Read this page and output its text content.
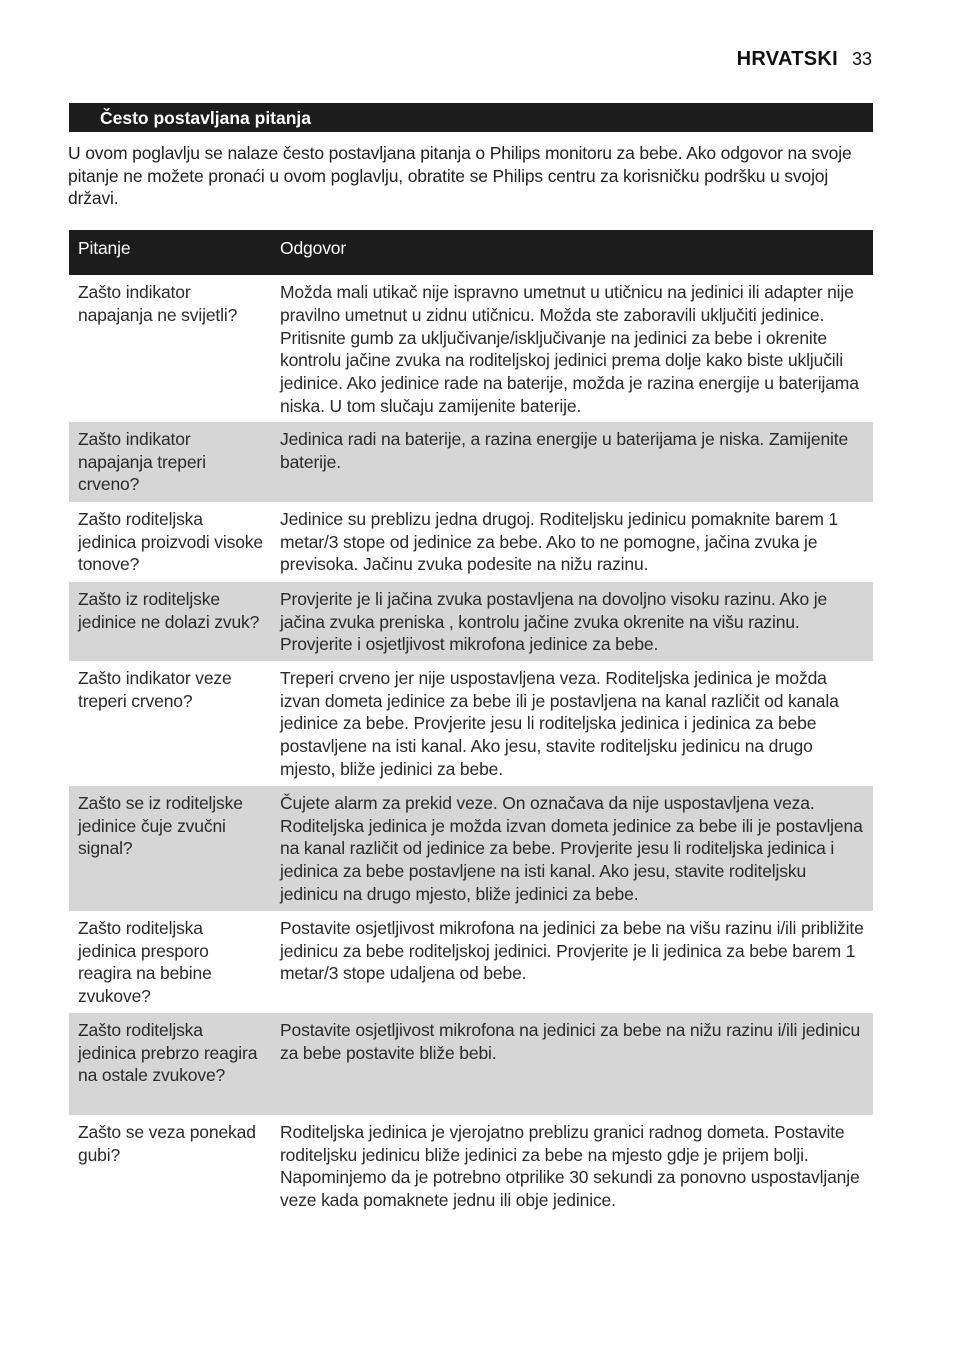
HRVATSKI 33
Često postavljana pitanja

U ovom poglavlju se nalaze često postavljana pitanja o Philips monitoru za bebe. Ako odgovor na svoje pitanje ne možete pronaći u ovom poglavlju, obratite se Philips centru za korisničku podršku u svojoj državi.

Pitanje	Odgovor
Zašto indikator napajanja ne svijetli?	Možda mali utikač nije ispravno umetnut u utičnicu na jedinici ili adapter nije pravilno umetnut u zidnu utičnicu. Možda ste zaboravili uključiti jedinice. Pritisnite gumb za uključivanje/isključivanje na jedinici za bebe i okrenite kontrolu jačine zvuka na roditeljskoj jedinici prema dolje kako biste uključili jedinice. Ako jedinice rade na baterije, možda je razina energije u baterijama niska. U tom slučaju zamijenite baterije.
Zašto indikator napajanja treperi crveno?	Jedinica radi na baterije, a razina energije u baterijama je niska. Zamijenite baterije.
Zašto roditeljska jedinica proizvodi visoke tonove?	Jedinice su preblizu jedna drugoj. Roditeljsku jedinicu pomaknite barem 1 metar/3 stope od jedinice za bebe. Ako to ne pomogne, jačina zvuka je previsoka. Jačinu zvuka podesite na nižu razinu.
Zašto iz roditeljske jedinice ne dolazi zvuk?	Provjerite je li jačina zvuka postavljena na dovoljno visoku razinu. Ako je jačina zvuka preniska , kontrolu jačine zvuka okrenite na višu razinu. Provjerite i osjetljivost mikrofona jedinice za bebe.
Zašto indikator veze treperi crveno?	Treperi crveno jer nije uspostavljena veza. Roditeljska jedinica je možda izvan dometa jedinice za bebe ili je postavljena na kanal različit od kanala jedinice za bebe. Provjerite jesu li roditeljska jedinica i jedinica za bebe postavljene na isti kanal. Ako jesu, stavite roditeljsku jedinicu na drugo mjesto, bliže jedinici za bebe.
Zašto se iz roditeljske jedinice čuje zvučni signal?	Čujete alarm za prekid veze. On označava da nije uspostavljena veza. Roditeljska jedinica je možda izvan dometa jedinice za bebe ili je postavljena na kanal različit od jedinice za bebe. Provjerite jesu li roditeljska jedinica i jedinica za bebe postavljene na isti kanal. Ako jesu, stavite roditeljsku jedinicu na drugo mjesto, bliže jedinici za bebe.
Zašto roditeljska jedinica presporo reagira na bebine zvukove?	Postavite osjetljivost mikrofona na jedinici za bebe na višu razinu i/ili približite jedinicu za bebe roditeljskoj jedinici. Provjerite je li jedinica za bebe barem 1 metar/3 stope udaljena od bebe.
Zašto roditeljska jedinica prebrzo reagira na ostale zvukove?	Postavite osjetljivost mikrofona na jedinici za bebe na nižu razinu i/ili jedinicu za bebe postavite bliže bebi.
Zašto se veza ponekad gubi?	Roditeljska jedinica je vjerojatno preblizu granici radnog dometa. Postavite roditeljsku jedinicu bliže jedinici za bebe na mjesto gdje je prijem bolji. Napominjemo da je potrebno otprilike 30 sekundi za ponovno uspostavljanje veze kada pomaknete jednu ili obje jedinice.
